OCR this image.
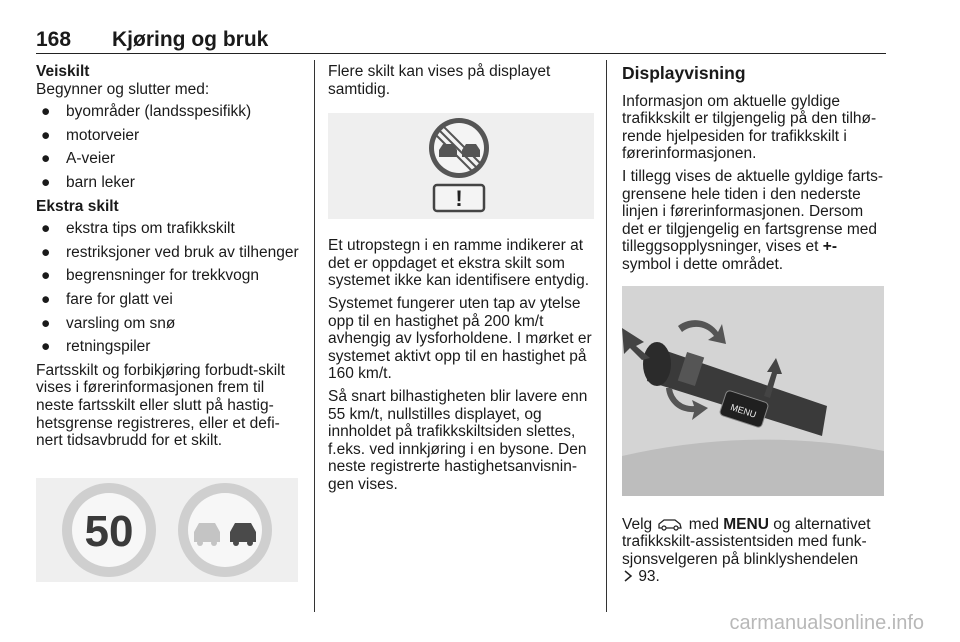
168 Kjøring og bruk
Veiskilt
Begynner og slutter med:
● byområder (landsspesifikk)
● motorveier
● A-veier
● barn leker
Ekstra skilt
● ekstra tips om trafikkskilt
● restriksjoner ved bruk av tilhenger
● begrensninger for trekkvogn
● fare for glatt vei
● varsling om snø
● retningspiler

Fartsskilt og forbikjøring forbudt-skilt vises i førerinformasjonen frem til neste fartsskilt eller slutt på hastighetsgrense registreres, eller et definert tidsavbrudd for et skilt.

50

Flere skilt kan vises på displayet samtidig.

!

Et utropstegn i en ramme indikerer at det er oppdaget et ekstra skilt som systemet ikke kan identifisere entydig.

Systemet fungerer uten tap av ytelse opp til en hastighet på 200 km/t avhengig av lysforholdene. I mørket er systemet aktivt opp til en hastighet på 160 km/t.

Så snart bilhastigheten blir lavere enn 55 km/t, nullstilles displayet, og innholdet på trafikkskiltsiden slettes, f.eks. ved innkjøring i en bysone. Den neste registrerte hastighetsanvisningen vises.

Displayvisning

Informasjon om aktuelle gyldige trafikkskilt er tilgjengelig på den tilhørende hjelpesiden for trafikkskilt i førerinformasjonen.

I tillegg vises de aktuelle gyldige fartsgrensene hele tiden i den nederste linjen i førerinformasjonen. Dersom det er tilgjengelig en fartsgrense med tilleggsopplysninger, vises et +-
symbol i dette området.

MENU

Velg med MENU og alternativet trafikkskilt-assistentsiden med funksjonsvelgeren på blinklyshendelen
93.

carmanualsonline.info
